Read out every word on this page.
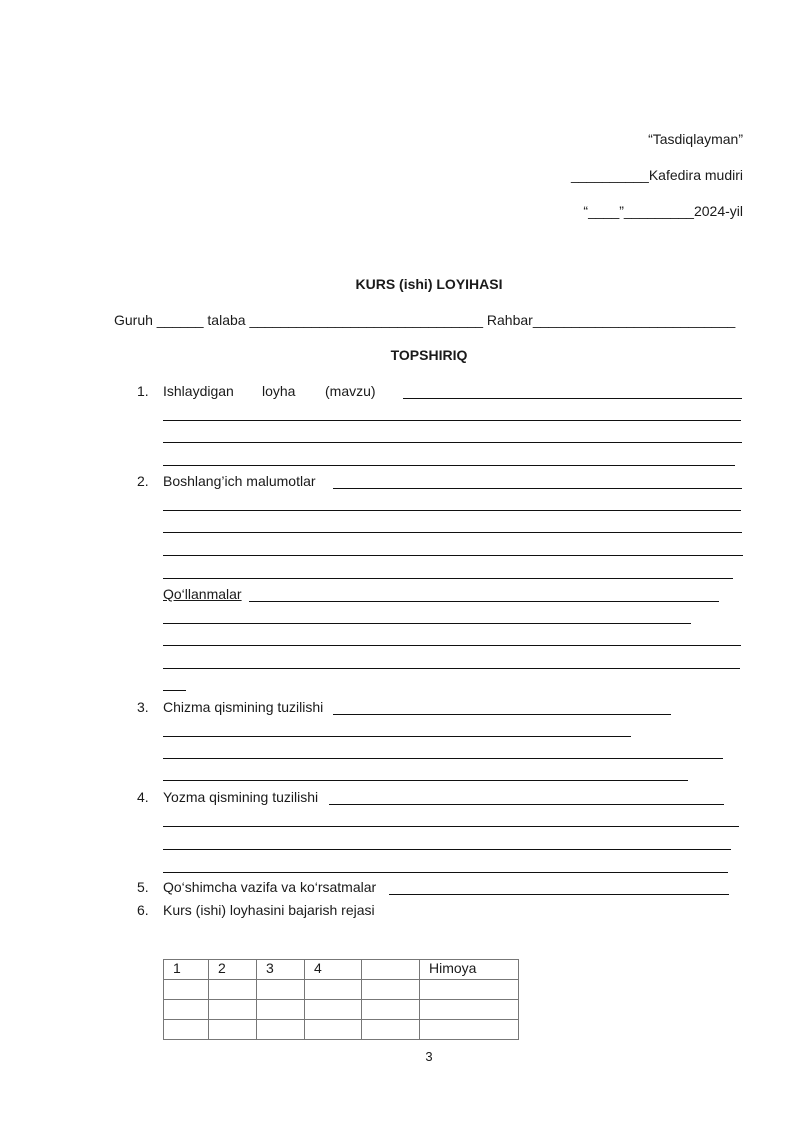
“Tasdiqlayman”
__________Kafedira mudiri
“____”_________2024-yil
KURS (ishi) LOYIHASI
Guruh ______ talaba ______________________________ Rahbar__________________________
TOPSHIRIQ
1. Ishlaydigan loyha (mavzu)
2. Boshlang’ich malumotlar
Qo‘llanmalar
3. Chizma qismining tuzilishi
4. Yozma qismining tuzilishi
5. Qo‘shimcha vazifa va ko‘rsatmalar
6. Kurs (ishi) loyhasini bajarish rejasi
1	2	3	4		Himoya

3
